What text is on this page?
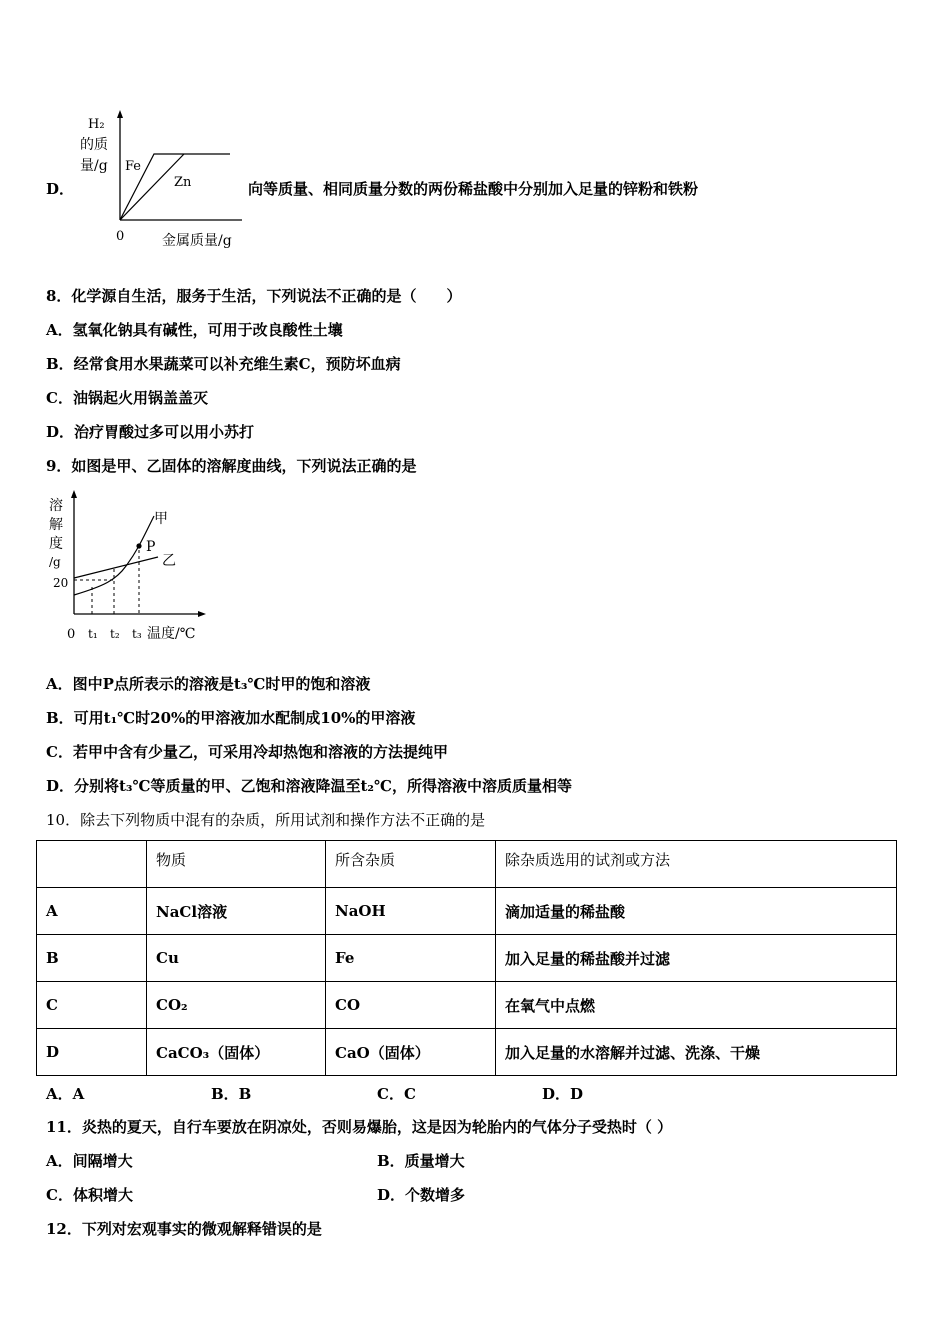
D．
H₂
的质
量/g Fe
Zn
0	金属质量/g
向等质量、相同质量分数的两份稀盐酸中分别加入足量的锌粉和铁粉
8．化学源自生活，服务于生活，下列说法不正确的是（　　）
A．氢氧化钠具有碱性，可用于改良酸性土壤
B．经常食用水果蔬菜可以补充维生素C，预防坏血病
C．油锅起火用锅盖盖灭
D．治疗胃酸过多可以用小苏打
9．如图是甲、乙固体的溶解度曲线，下列说法正确的是
溶
解
度
/g
20
甲
P
乙
0 t₁ t₂ t₃ 温度/℃
A．图中P点所表示的溶液是t₃℃时甲的饱和溶液
B．可用t₁℃时20%的甲溶液加水配制成10%的甲溶液
C．若甲中含有少量乙，可采用冷却热饱和溶液的方法提纯甲
D．分别将t₃℃等质量的甲、乙饱和溶液降温至t₂℃，所得溶液中溶质质量相等
10．除去下列物质中混有的杂质，所用试剂和操作方法不正确的是
	物质	所含杂质	除杂质选用的试剂或方法
A	NaCl溶液	NaOH	滴加适量的稀盐酸
B	Cu	Fe	加入足量的稀盐酸并过滤
C	CO₂	CO	在氧气中点燃
D	CaCO₃（固体）	CaO（固体）	加入足量的水溶解并过滤、洗涤、干燥
A．A	B．B	C．C	D．D
11．炎热的夏天，自行车要放在阴凉处，否则易爆胎，这是因为轮胎内的气体分子受热时（ ）
A．间隔增大	B．质量增大
C．体积增大	D．个数增多
12．下列对宏观事实的微观解释错误的是
